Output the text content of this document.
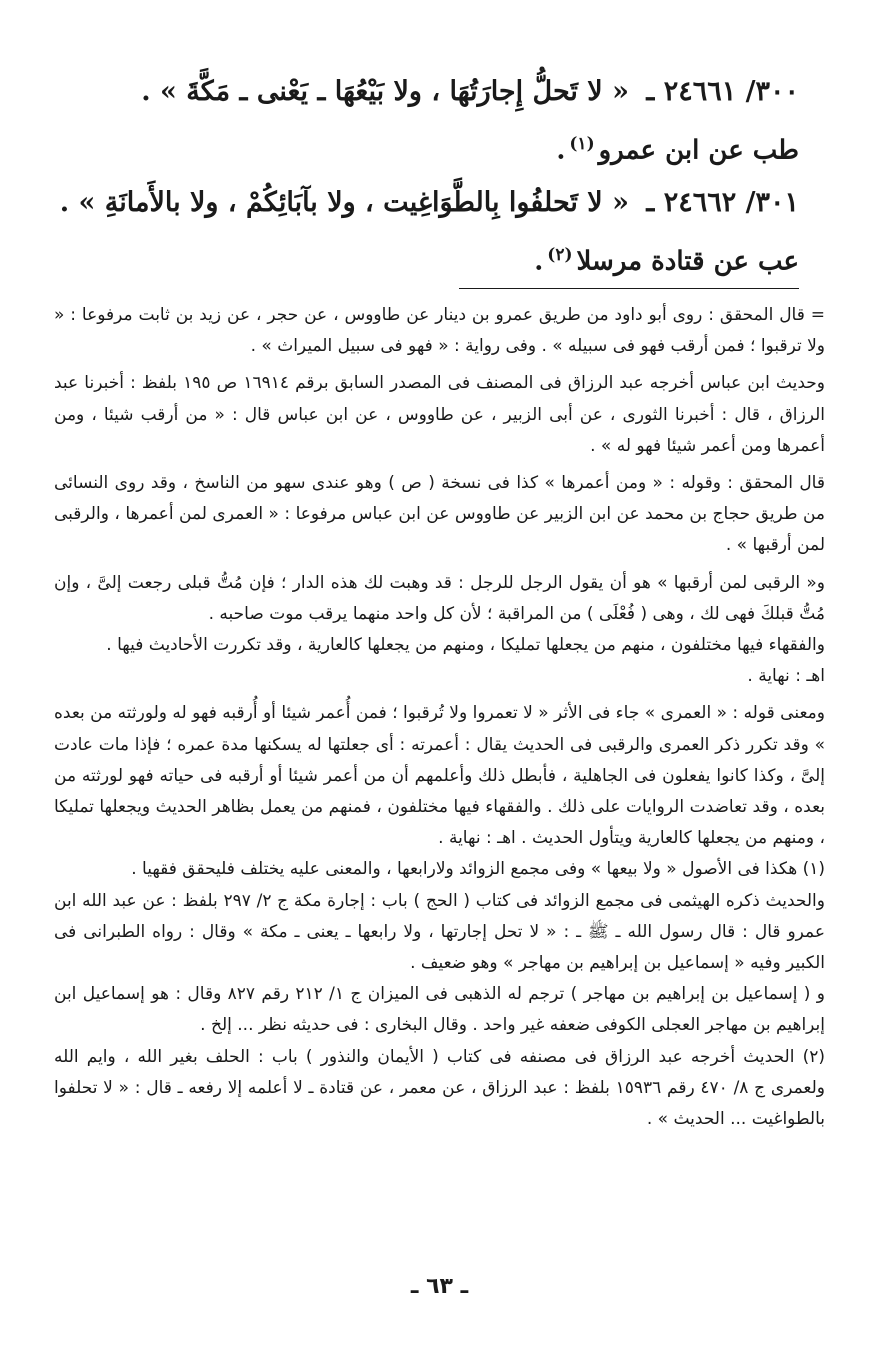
٣٠٠/ ٢٤٦٦١ ـ « لا تَحلُّ إِجارَتُهَا ، ولا بَيْعُهَا ـ يَعْنى ـ مَكَّةَ » .
طب عن ابن عمرو$^{(١)}$.
٣٠١/ ٢٤٦٦٢ ـ « لا تَحلفُوا بِالطَّوَاغِيت ، ولا بآبَائِكُمْ ، ولا بالأَمانَةِ » .
عب عن قتادة مرسلا$^{(٢)}$.

= قال المحقق : روى أبو داود من طريق عمرو بن دينار عن طاووس ، عن حجر ، عن زيد بن ثابت مرفوعا : « ولا ترقبوا ؛ فمن أرقب فهو فى سبيله » . وفى رواية : « فهو فى سبيل الميراث » .

وحديث ابن عباس أخرجه عبد الرزاق فى المصنف فى المصدر السابق برقم ١٦٩١٤ ص ١٩٥ بلفظ : أخبرنا عبد الرزاق ، قال : أخبرنا الثورى ، عن أبى الزبير ، عن طاووس ، عن ابن عباس قال : « من أرقب شيئا ، ومن أعمرها ومن أعمر شيئا فهو له » .

قال المحقق : وقوله : « ومن أعمرها » كذا فى نسخة ( ص ) وهو عندى سهو من الناسخ ، وقد روى النسائى من طريق حجاج بن محمد عن ابن الزبير عن طاووس عن ابن عباس مرفوعا : « العمرى لمن أعمرها ، والرقبى لمن أرقبها » .

و« الرقبى لمن أرقبها » هو أن يقول الرجل للرجل : قد وهبت لك هذه الدار ؛ فإن مُتُّ قبلى رجعت إلىَّ ، وإن مُتُّ قبلكَ فهى لك ، وهى ( فُعْلَى ) من المراقبة ؛ لأن كل واحد منهما يرقب موت صاحبه .

والفقهاء فيها مختلفون ، منهم من يجعلها تمليكا ، ومنهم من يجعلها كالعارية ، وقد تكررت الأحاديث فيها .

اهـ : نهاية .

ومعنى قوله : « العمرى » جاء فى الأثر « لا تعمروا ولا تُرقبوا ؛ فمن أُعمر شيئا أو أُرقبه فهو له ولورثته من بعده » وقد تكرر ذكر العمرى والرقبى فى الحديث يقال : أعمرته : أى جعلتها له يسكنها مدة عمره ؛ فإذا مات عادت إلىَّ ، وكذا كانوا يفعلون فى الجاهلية ، فأبطل ذلك وأعلمهم أن من أعمر شيئا أو أرقبه فى حياته فهو لورثته من بعده ، وقد تعاضدت الروايات على ذلك . والفقهاء فيها مختلفون ، فمنهم من يعمل بظاهر الحديث ويجعلها تمليكا ، ومنهم من يجعلها كالعارية ويتأول الحديث . اهـ : نهاية .

(١) هكذا فى الأصول « ولا بيعها » وفى مجمع الزوائد ولارابعها ، والمعنى عليه يختلف فليحقق فقهيا .

والحديث ذكره الهيثمى فى مجمع الزوائد فى كتاب ( الحج ) باب : إجارة مكة ج ٢/ ٢٩٧ بلفظ : عن عبد الله ابن عمرو قال : قال رسول الله ـ ﷺ ـ : « لا تحل إجارتها ، ولا رابعها ـ يعنى ـ مكة » وقال : رواه الطبرانى فى الكبير وفيه « إسماعيل بن إبراهيم بن مهاجر » وهو ضعيف .

و ( إسماعيل بن إبراهيم بن مهاجر ) ترجم له الذهبى فى الميزان ج ١/ ٢١٢ رقم ٨٢٧ وقال : هو إسماعيل ابن إبراهيم بن مهاجر العجلى الكوفى ضعفه غير واحد . وقال البخارى : فى حديثه نظر ... إلخ .

(٢) الحديث أخرجه عبد الرزاق فى مصنفه فى كتاب ( الأيمان والنذور ) باب : الحلف بغير الله ، وايم الله ولعمرى ج ٨/ ٤٧٠ رقم ١٥٩٣٦ بلفظ : عبد الرزاق ، عن معمر ، عن قتادة ـ لا أعلمه إلا رفعه ـ قال : « لا تحلفوا بالطواغيت ... الحديث » .

ـ ٦٣ ـ
